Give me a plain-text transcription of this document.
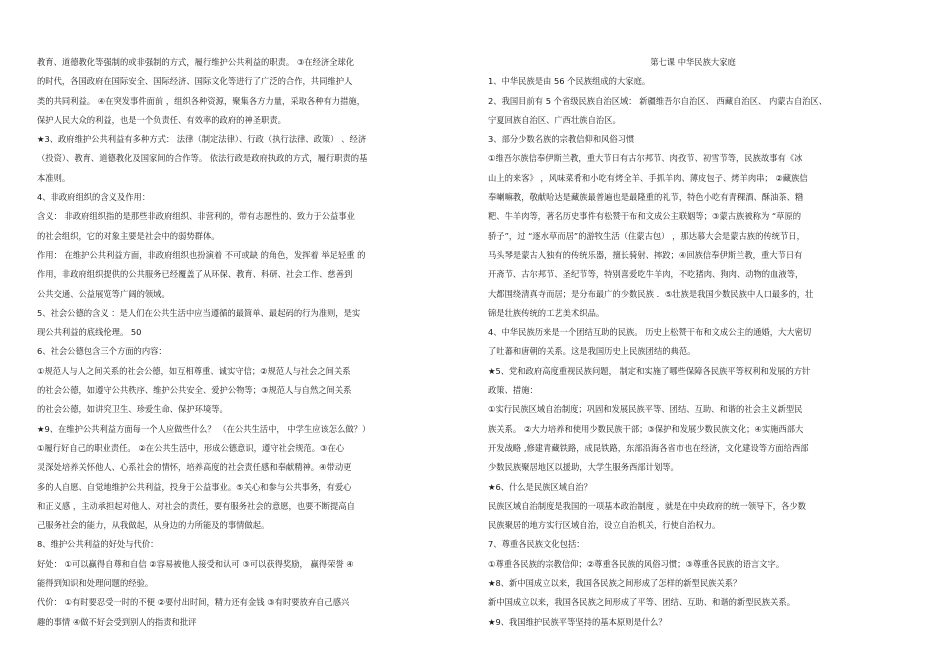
教育、道德教化等强制的或非强制的方式，履行维护公共利益的职责。 ③在经济全球化
的时代，各国政府在国际安全、国际经济、国际文化等进行了广泛的合作，共同维护人
类的共同利益。 ④在突发事件面前 ，组织各种资源，聚集各方力量，采取各种有力措施，
保护人民大众的利益，也是一个负责任、有效率的政府的神圣职责。
★3、政府维护公共利益有多种方式： 法律（制定法律）、行政（执行法律、政策） 、经济
（投资）、教育、道德教化及国家间的合作等。 依法行政是政府执政的方式，履行职责的基
本准则。
4、非政府组织的含义及作用：
含义： 非政府组织指的是那些非政府组织、非营利的，带有志愿性的、致力于公益事业
的社会组织，它的对象主要是社会中的弱势群体。
作用： 在维护公共利益方面，非政府组织也扮演着 不可或缺 的角色，发挥着 举足轻重 的
作用，非政府组织提供的公共服务已经覆盖了从环保、教育、科研、社会工作、慈善到
公共交通、公益展览等广阔的领域。
5、社会公德的含义 ：是人们在公共生活中应当遵循的最简单、最起码的行为准则，是实
现公共利益的底线伦理。 50
6、社会公德包含三个方面的内容：
①规范人与人之间关系的社会公德，如互相尊重、诚实守信；②规范人与社会之间关系
的社会公德，如遵守公共秩序、维护公共安全、爱护公物等；③规范人与自然之间关系
的社会公德，如讲究卫生、珍爱生命、保护环境等。
★9、在维护公共利益方面每一个人应做些什么？ （在公共生活中， 中学生应该怎么做？）
①履行好自己的职业责任。 ②在公共生活中，形成公德意识，遵守社会规范。③在心
灵深处培养关怀他人、心系社会的情怀，培养高度的社会责任感和奉献精神。④带动更
多的人自愿、自觉地维护公共利益，投身于公益事业。⑤关心和参与公共事务，有爱心
和正义感 ，主动承担起对他人、对社会的责任，要有服务社会的意愿，也要不断提高自
己服务社会的能力，从我做起，从身边的力所能及的事情做起。
8、维护公共利益的好处与代价：
好处： ①可以赢得自尊和自信 ②容易被他人接受和认可 ③可以获得奖励， 赢得荣誉 ④
能得到知识和处理问题的经验。
代价： ①有时要忍受一时的不便 ②要付出时间，精力还有金钱 ③有时要放弃自己感兴
趣的事情 ④做不好会受到别人的指责和批评
第七课 中华民族大家庭
1、中华民族是由 56 个民族组成的大家庭。
2、我国目前有 5 个省级民族自治区域： 新疆维吾尔自治区、 西藏自治区、 内蒙古自治区、
宁夏回族自治区、广西壮族自治区。
3、部分少数名族的宗教信仰和风俗习惯
①维吾尔族信奉伊斯兰教，重大节日有古尔邦节、肉孜节、初雪节等，民族故事有《冰
山上的来客》 ，风味菜肴和小吃有烤全羊、手抓羊肉、薄皮包子、烤羊肉串； ②藏族信
奉喇嘛教，敬献哈达是藏族最普遍也是最隆重的礼节，特色小吃有青稞酒、酥油茶、糌
粑、牛羊肉等，著名历史事件有松赞干布和文成公主联姻等；③蒙古族被称为 “草原的
骄子”，过 “逐水草而居”的游牧生活（住蒙古包） ，那达慕大会是蒙古族的传统节日，
马头琴是蒙古人独有的传统乐器，擅长骑射、摔跤；④回族信奉伊斯兰教，重大节日有
开斋节、古尔邦节、圣纪节等，特别喜爱吃牛羊肉，不吃猪肉、狗肉、动物的血液等，
大都围绕清真寺而居；是分布最广的少数民族 ．⑤壮族是我国少数民族中人口最多的，壮
锦是壮族传统的工艺美术织品。
4、中华民族历来是一个团结互助的民族。 历史上松赞干布和文成公主的通婚，大大密切
了吐蕃和唐朝的关系。这是我国历史上民族团结的典范。
★5、党和政府高度重视民族问题， 制定和实施了哪些保障各民族平等权利和发展的方针
政策、措施：
①实行民族区域自治制度；巩固和发展民族平等、团结、互助、和谐的社会主义新型民
族关系。 ②大力培养和使用少数民族干部；③保护和发展少数民族文化；④实施西部大
开发战略 ,修建青藏铁路，成昆铁路，东部沿海各省市也在经济，文化建设等方面给西部
少数民族聚居地区以援助，大学生服务西部计划等。
★6、什么是民族区域自治？
民族区域自治制度是我国的一项基本政治制度 ，就是在中央政府的统一领导下，各少数
民族聚居的地方实行区域自治，设立自治机关，行使自治权力。
7、尊重各民族文化包括：
①尊重各民族的宗教信仰；②尊重各民族的风俗习惯；③尊重各民族的语言文字。
★8、新中国成立以来，我国各民族之间形成了怎样的新型民族关系？
新中国成立以来，我国各民族之间形成了平等、团结、互助、和谐的新型民族关系。
★9、我国维护民族平等坚持的基本原则是什么？
